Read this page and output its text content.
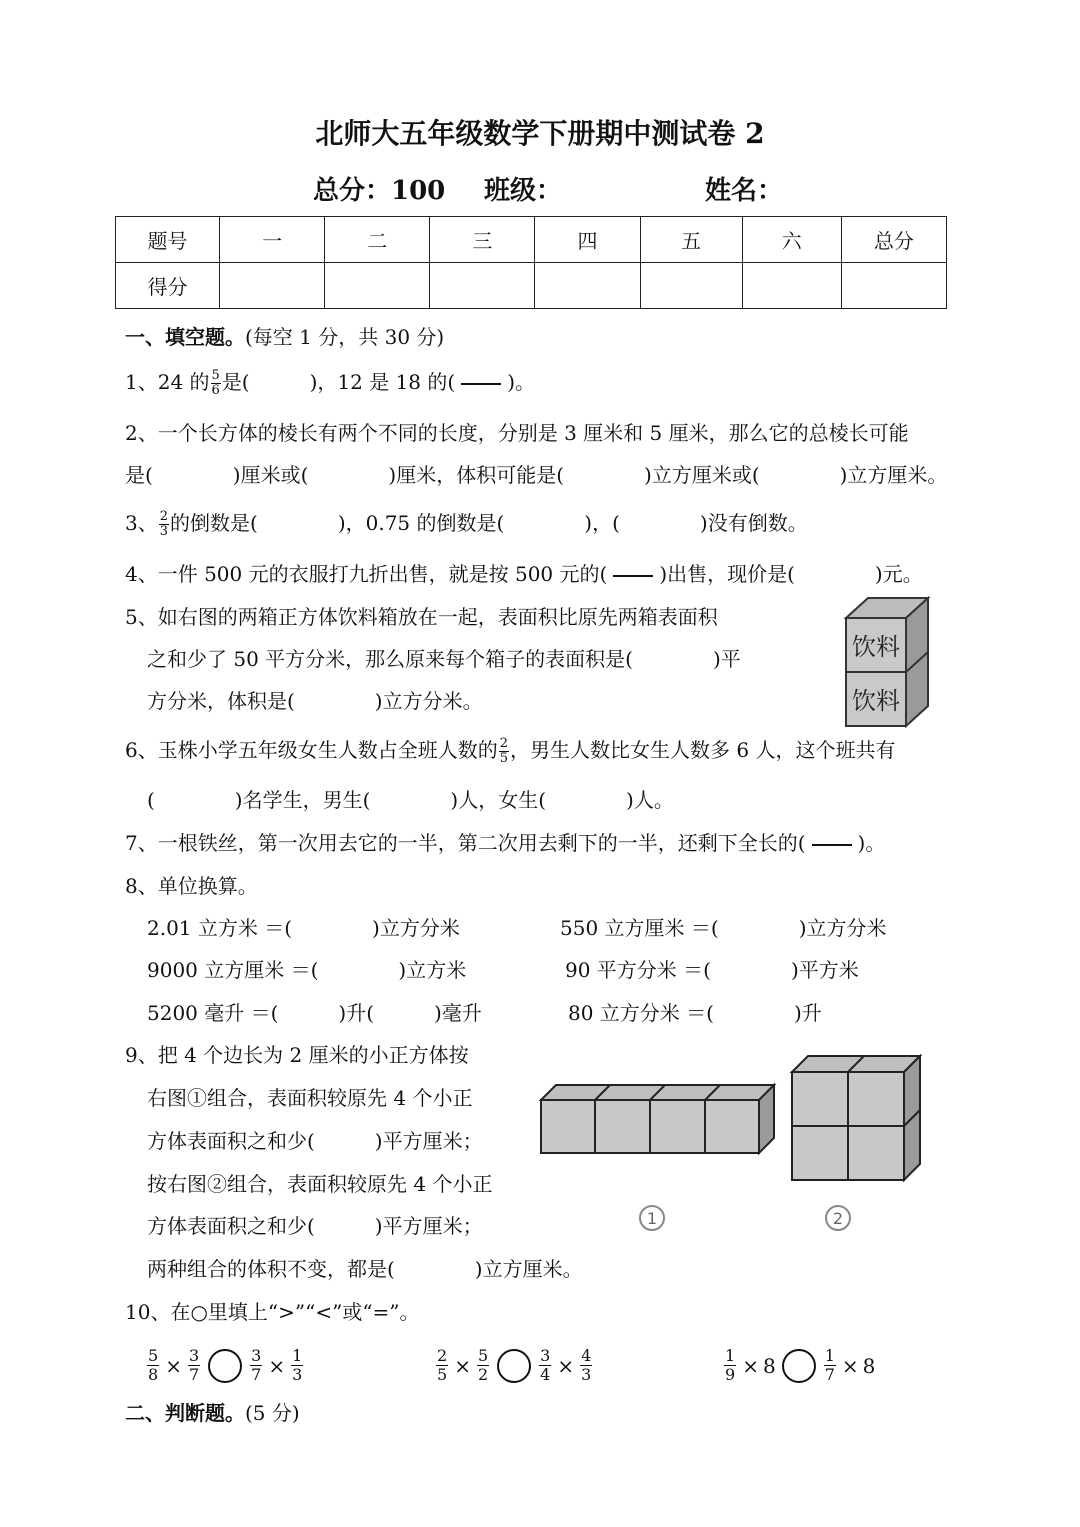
北师大五年级数学下册期中测试卷 2
总分：100 班级：	姓名：
题号	一	二	三	四	五	六	总分
得分							
一、填空题。(每空 1 分，共 30 分)
1、24 的 $\frac{5}{6}$ 是(　　　)，12 是 18 的(	)。
2、一个长方体的棱长有两个不同的长度，分别是 3 厘米和 5 厘米，那么它的总棱长可能
是(　　　　)厘米或(　　　　)厘米，体积可能是(　　　　)立方厘米或(　　　　)立方厘米。
3、 $\frac{2}{3}$ 的倒数是(　　　　)，0.75 的倒数是(　　　　)，(　　　　)没有倒数。
4、一件 500 元的衣服打九折出售，就是按 500 元的(	)出售，现价是(　　　　)元。
5、如右图的两箱正方体饮料箱放在一起，表面积比原先两箱表面积
之和少了 50 平方分米，那么原来每个箱子的表面积是(　　　　)平
方分米，体积是(　　　　)立方分米。
饮料
饮料
6、玉株小学五年级女生人数占全班人数的 $\frac{2}{5}$ ，男生人数比女生人数多 6 人，这个班共有
(　　　　)名学生，男生(　　　　)人，女生(　　　　)人。
7、一根铁丝，第一次用去它的一半，第二次用去剩下的一半，还剩下全长的(	)。
8、单位换算。
2.01 立方米 ＝(　　　　)立方分米	550 立方厘米 ＝(　　　　)立方分米
9000 立方厘米 ＝(　　　　)立方米	90 平方分米 ＝(　　　　)平方米
5200 毫升 ＝(　　　)升(　　　)毫升	80 立方分米 ＝(　　　　)升
9、把 4 个边长为 2 厘米的小正方体按
右图①组合，表面积较原先 4 个小正
方体表面积之和少(　　　)平方厘米；
按右图②组合，表面积较原先 4 个小正
方体表面积之和少(　　　)平方厘米；
两种组合的体积不变，都是(　　　　)立方厘米。
1	2
10、在○里填上“>”“<”或“=”。
$\frac{5}{8} \times \frac{3}{7}$	$\frac{3}{7} \times \frac{1}{3}$	$\frac{2}{5} \times \frac{5}{2}$	$\frac{3}{4} \times \frac{4}{3}$	$\frac{1}{9} \times 8$	$\frac{1}{7} \times 8$
二、判断题。(5 分)
